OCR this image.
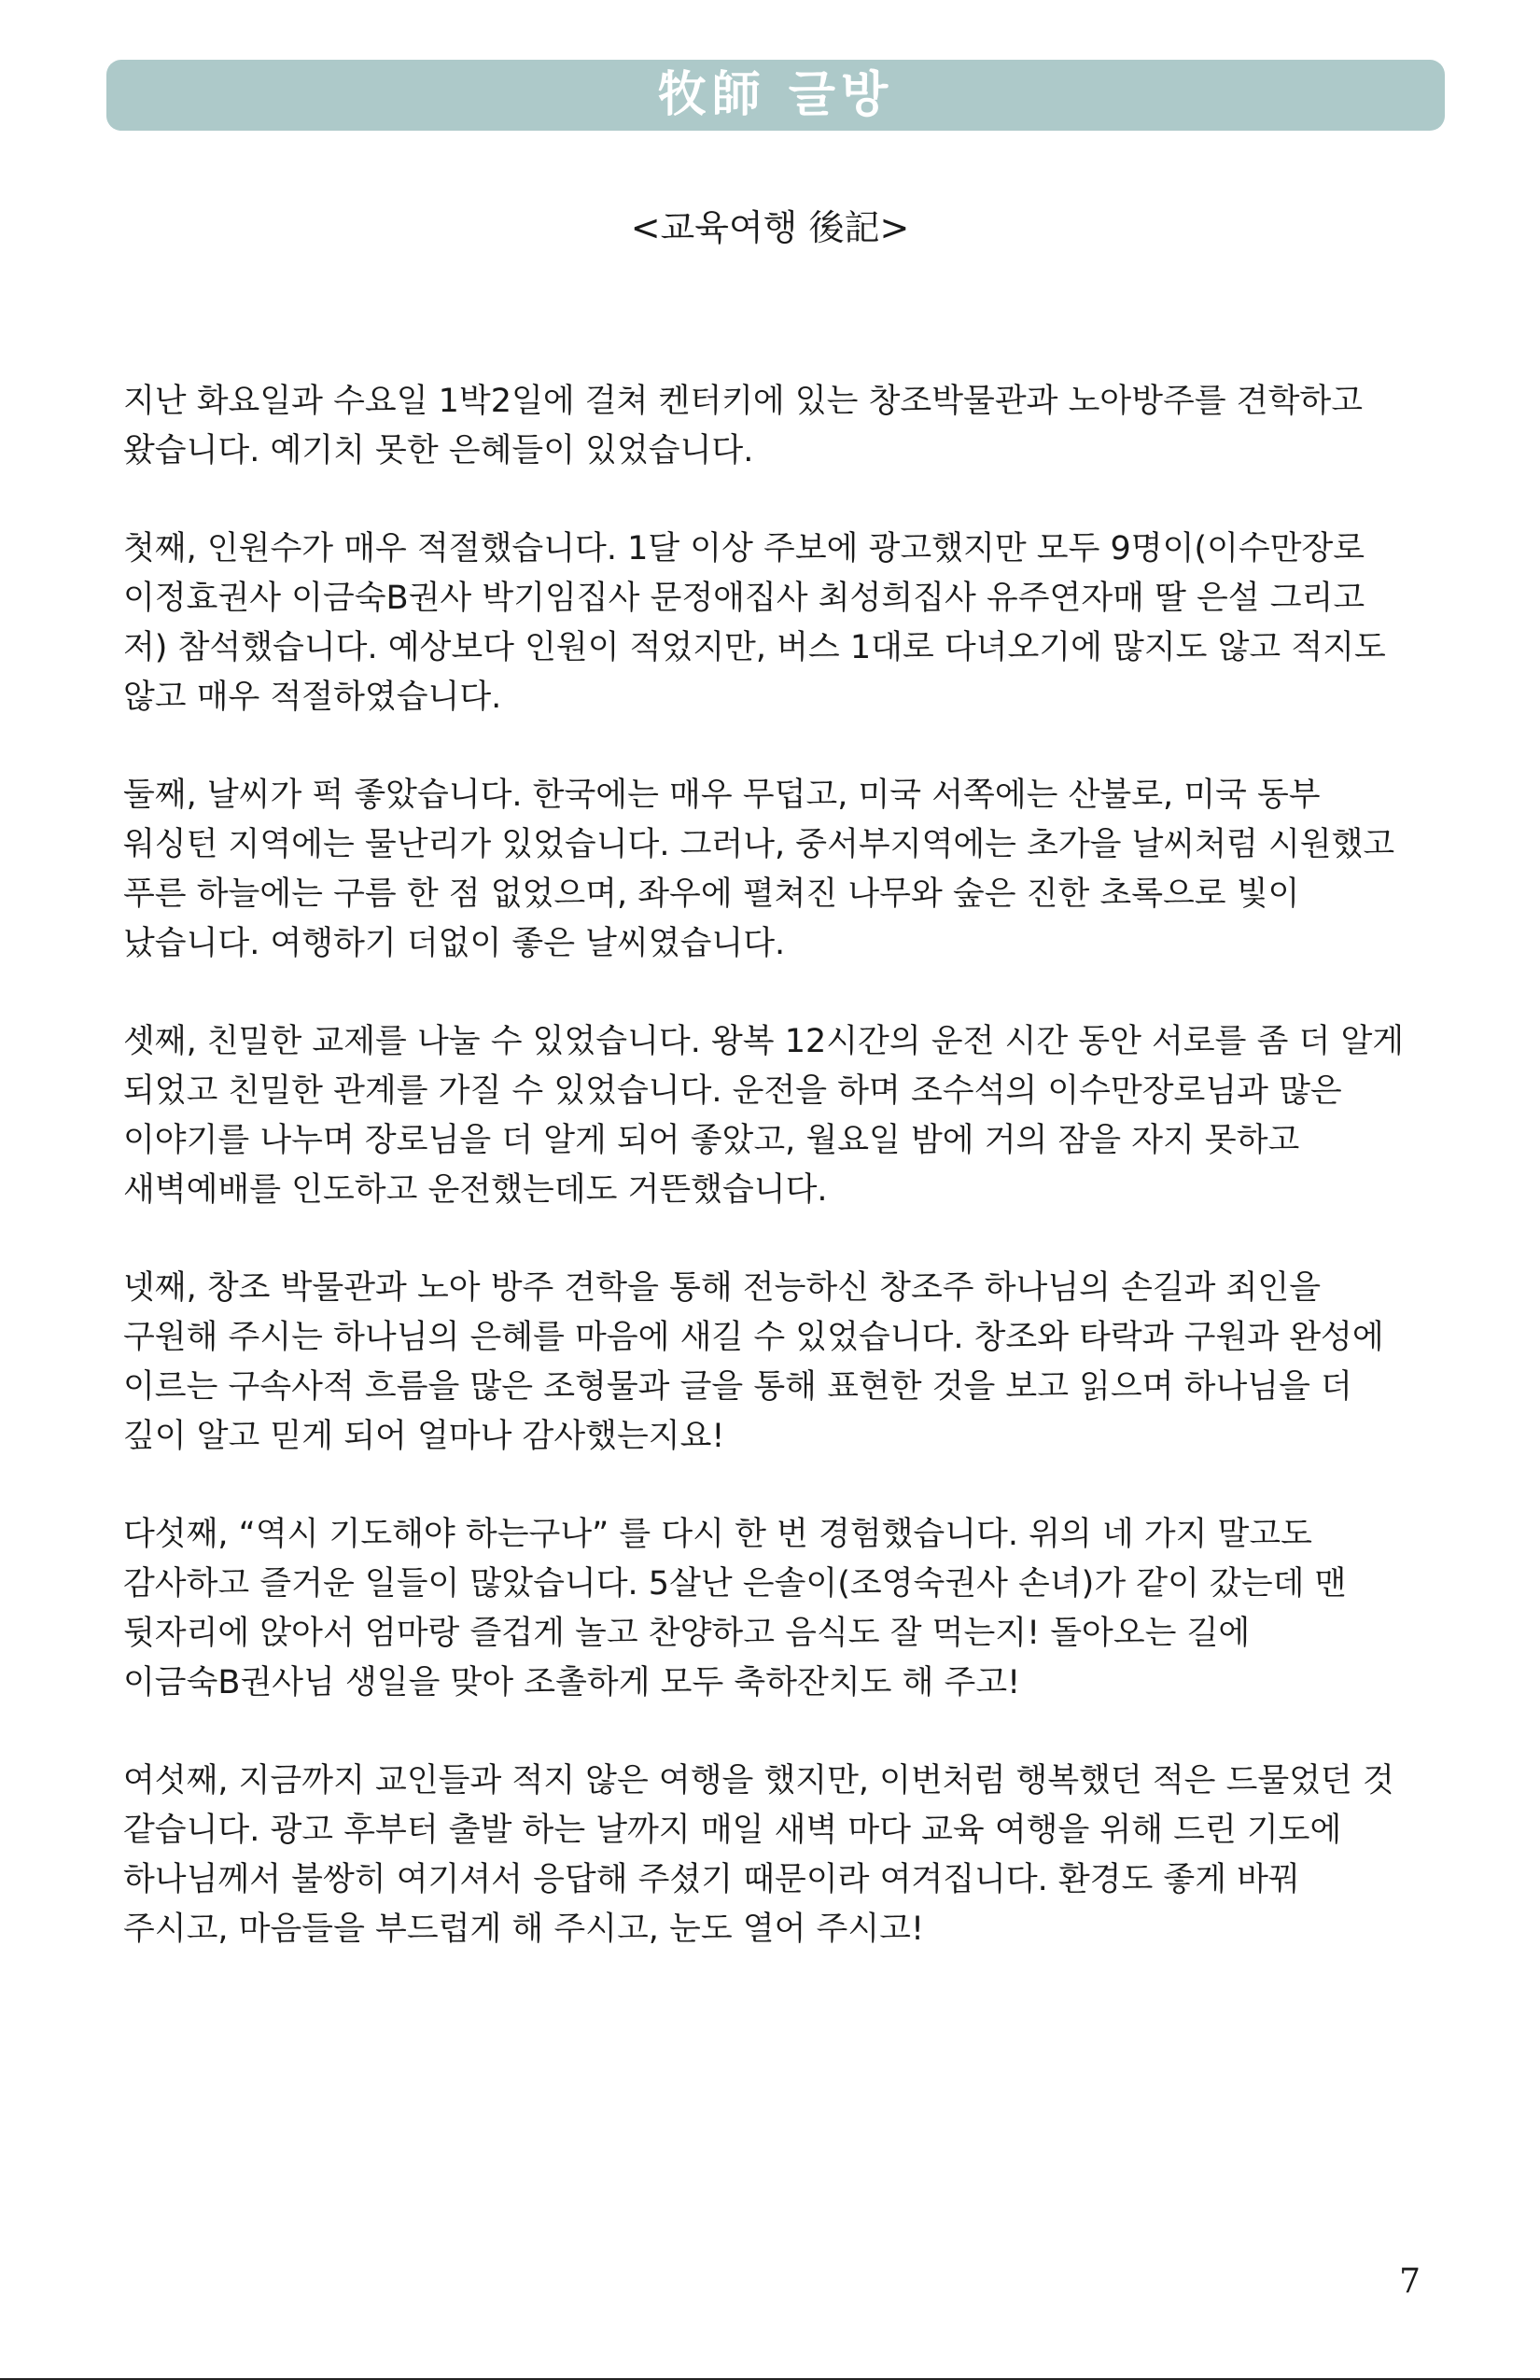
牧師 글방
<교육여행 後記>

지난 화요일과 수요일 1박2일에 걸쳐 켄터키에 있는 창조박물관과 노아방주를 견학하고 왔습니다. 예기치 못한 은혜들이 있었습니다.

첫째, 인원수가 매우 적절했습니다. 1달 이상 주보에 광고했지만 모두 9명이(이수만장로 이정효권사 이금숙B권사 박기임집사 문정애집사 최성희집사 유주연자매 딸 은설 그리고 저) 참석했습니다. 예상보다 인원이 적었지만, 버스 1대로 다녀오기에 많지도 않고 적지도 않고 매우 적절하였습니다.

둘째, 날씨가 퍽 좋았습니다. 한국에는 매우 무덥고, 미국 서쪽에는 산불로, 미국 동부 워싱턴 지역에는 물난리가 있었습니다. 그러나, 중서부지역에는 초가을 날씨처럼 시원했고 푸른 하늘에는 구름 한 점 없었으며, 좌우에 펼쳐진 나무와 숲은 진한 초록으로 빛이 났습니다. 여행하기 더없이 좋은 날씨였습니다.

셋째, 친밀한 교제를 나눌 수 있었습니다. 왕복 12시간의 운전 시간 동안 서로를 좀 더 알게 되었고 친밀한 관계를 가질 수 있었습니다. 운전을 하며 조수석의 이수만장로님과 많은 이야기를 나누며 장로님을 더 알게 되어 좋았고, 월요일 밤에 거의 잠을 자지 못하고 새벽예배를 인도하고 운전했는데도 거뜬했습니다.

넷째, 창조 박물관과 노아 방주 견학을 통해 전능하신 창조주 하나님의 손길과 죄인을 구원해 주시는 하나님의 은혜를 마음에 새길 수 있었습니다. 창조와 타락과 구원과 완성에 이르는 구속사적 흐름을 많은 조형물과 글을 통해 표현한 것을 보고 읽으며 하나님을 더 깊이 알고 믿게 되어 얼마나 감사했는지요!

다섯째, “역시 기도해야 하는구나” 를 다시 한 번 경험했습니다. 위의 네 가지 말고도 감사하고 즐거운 일들이 많았습니다. 5살난 은솔이(조영숙권사 손녀)가 같이 갔는데 맨 뒷자리에 앉아서 엄마랑 즐겁게 놀고 찬양하고 음식도 잘 먹는지! 돌아오는 길에 이금숙B권사님 생일을 맞아 조촐하게 모두 축하잔치도 해 주고!

여섯째, 지금까지 교인들과 적지 않은 여행을 했지만, 이번처럼 행복했던 적은 드물었던 것 같습니다. 광고 후부터 출발 하는 날까지 매일 새벽 마다 교육 여행을 위해 드린 기도에 하나님께서 불쌍히 여기셔서 응답해 주셨기 때문이라 여겨집니다. 환경도 좋게 바꿔 주시고, 마음들을 부드럽게 해 주시고, 눈도 열어 주시고!

7
